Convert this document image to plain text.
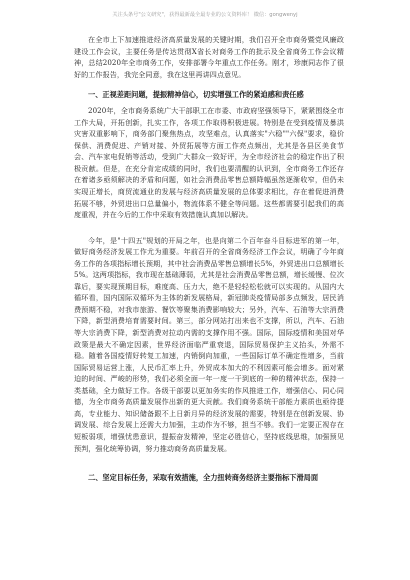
关注头条号"公文研究"，获得最新最全最专业的公文资料库！ 微信：gongwenyj

在全市上下加速推进经济高质量发展的关键时期，我们召开全市商务暨党风廉政建设工作会议，主要任务是传达贯彻Ⅹ省长对商务工作的批示及全省商务工作会议精神，总结2020年全市商务工作，安排部署今年重点工作任务。刚才，珍康同志作了很好的工作报告，我完全同意，我在这里再讲四点意见。

一、正视差距问题，提振精神信心，切实增强工作的紧迫感和责任感

2020年，全市商务系统广大干部职工在市委、市政府坚强领导下，紧紧围绕全市工作大局，开拓创新，扎实工作，各项工作取得积极进展。特别是在受到疫情及暴洪灾害双重影响下，商务部门聚焦热点，攻坚难点，认真落实"六稳""六保"要求，稳价保供、消费促进、产销对接、外贸拓展等方面工作亮点频出，尤其是各县区美食节会、汽车家电促销等活动，受到广大群众一致好评，为全市经济社会的稳定作出了积极贡献。但是，在充分肯定成绩的同时，我们也要清醒的认识到，全市商务工作还存在着诸多亟须解决的矛盾和问题，如社会消费品零售总额降幅虽然逐渐收窄，但仍未实现正增长，商贸流通业的发展与经济高质量发展的总体要求相比，存在着促进消费拓展不够，外贸进出口总量偏小，物流体系不健全等问题。这些都需要引起我们的高度重视，并在今后的工作中采取有效措施认真加以解决。

今年，是"十四五"规划的开局之年，也是向第二个百年奋斗目标进军的第一年，做好商务经济发展工作尤为重要。年前召开的全省商务经济工作会议，明确了今年商务工作的各项指标增长预期，其中社会消费品零售总额增长5%，外贸进出口总额增长5%。这两项指标，我市现在基础薄弱，尤其是社会消费品零售总额，增长缓慢、位次靠后，要实现预期目标，难度高、压力大，绝不是轻轻松松就可以实现的。从国内大循环看，国内国际双循环为主体的新发展格局，新冠肺炎疫情局部多点频发，居民消费预期不稳，对我市旅游、餐饮等聚集消费影响较大；另外，汽车、石油等大宗消费下降，新型消费培育需要时间。第三，部分网站打出来也不支撑，所以，汽车、石油等大宗消费下降，新型消费对拉动内需的支撑作用不强。国际，国际疫情和美国对华政策是最大不确定因素，世界经济面临严重衰退，国际贸易保护主义抬头，外需不稳。随着各国疫情好转复工加速，内销倒向加重，一些国际订单不确定性增多，当前国际贸易运营上涨，人民币汇率上升，外贸成本加大的不利因素可能会增多。面对紧迫的时间、严峻的形势，我们必须全面一年一度一干到底的一种的精神状态，保持一类基础，全力做好工作。各级干部要以更加务实的作风推进工作，增强信心、同心同德，为全市商务高质量发展作出新的更大贡献。我们商务系统干部能力素质也亟待提高，专业能力、知识储备跟不上日新月异的经济发展的需要，特别是在创新发展、协调发展、综合发展上还需大力加强，主动作为不够，担当不够。我们一定要正视存在短板弱项，增强忧患意识，提振奋发精神，坚定必胜信心，坚持底线思维，加强预见预判，强化统筹协调，努力推动商务高质量发展。

二、坚定目标任务，采取有效措施，全力扭转商务经济主要指标下滑局面
